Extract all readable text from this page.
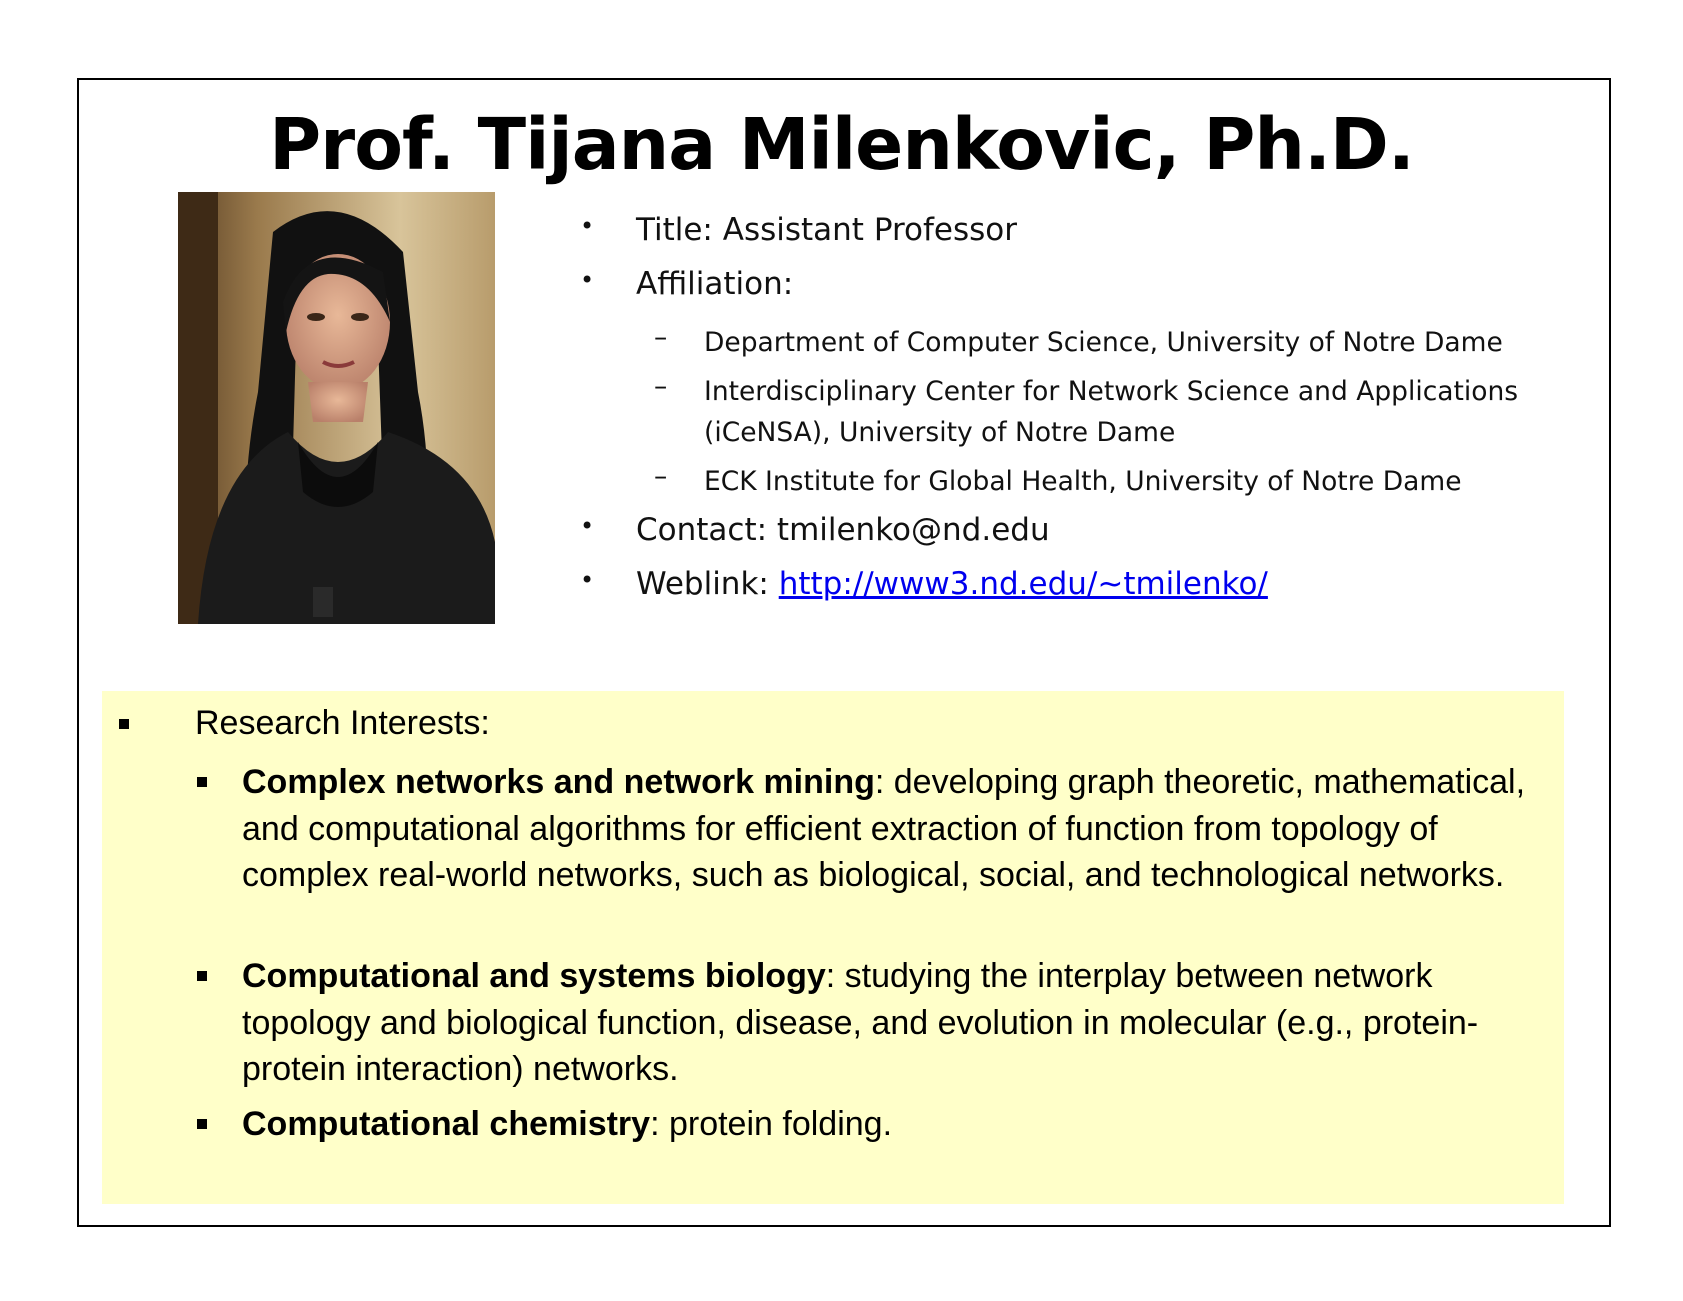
Prof. Tijana Milenkovic, Ph.D.
• Title: Assistant Professor
• Affiliation:
– Department of Computer Science, University of Notre Dame
– Interdisciplinary Center for Network Science and Applications
(iCeNSA), University of Notre Dame
– ECK Institute for Global Health, University of Notre Dame
• Contact: tmilenko@nd.edu
• Weblink: http://www3.nd.edu/~tmilenko/
Research Interests:
Complex networks and network mining: developing graph theoretic, mathematical, and computational algorithms for efficient extraction of function from topology of complex real-world networks, such as biological, social, and technological networks.
Computational and systems biology: studying the interplay between network topology and biological function, disease, and evolution in molecular (e.g., protein-protein interaction) networks.
Computational chemistry: protein folding.
